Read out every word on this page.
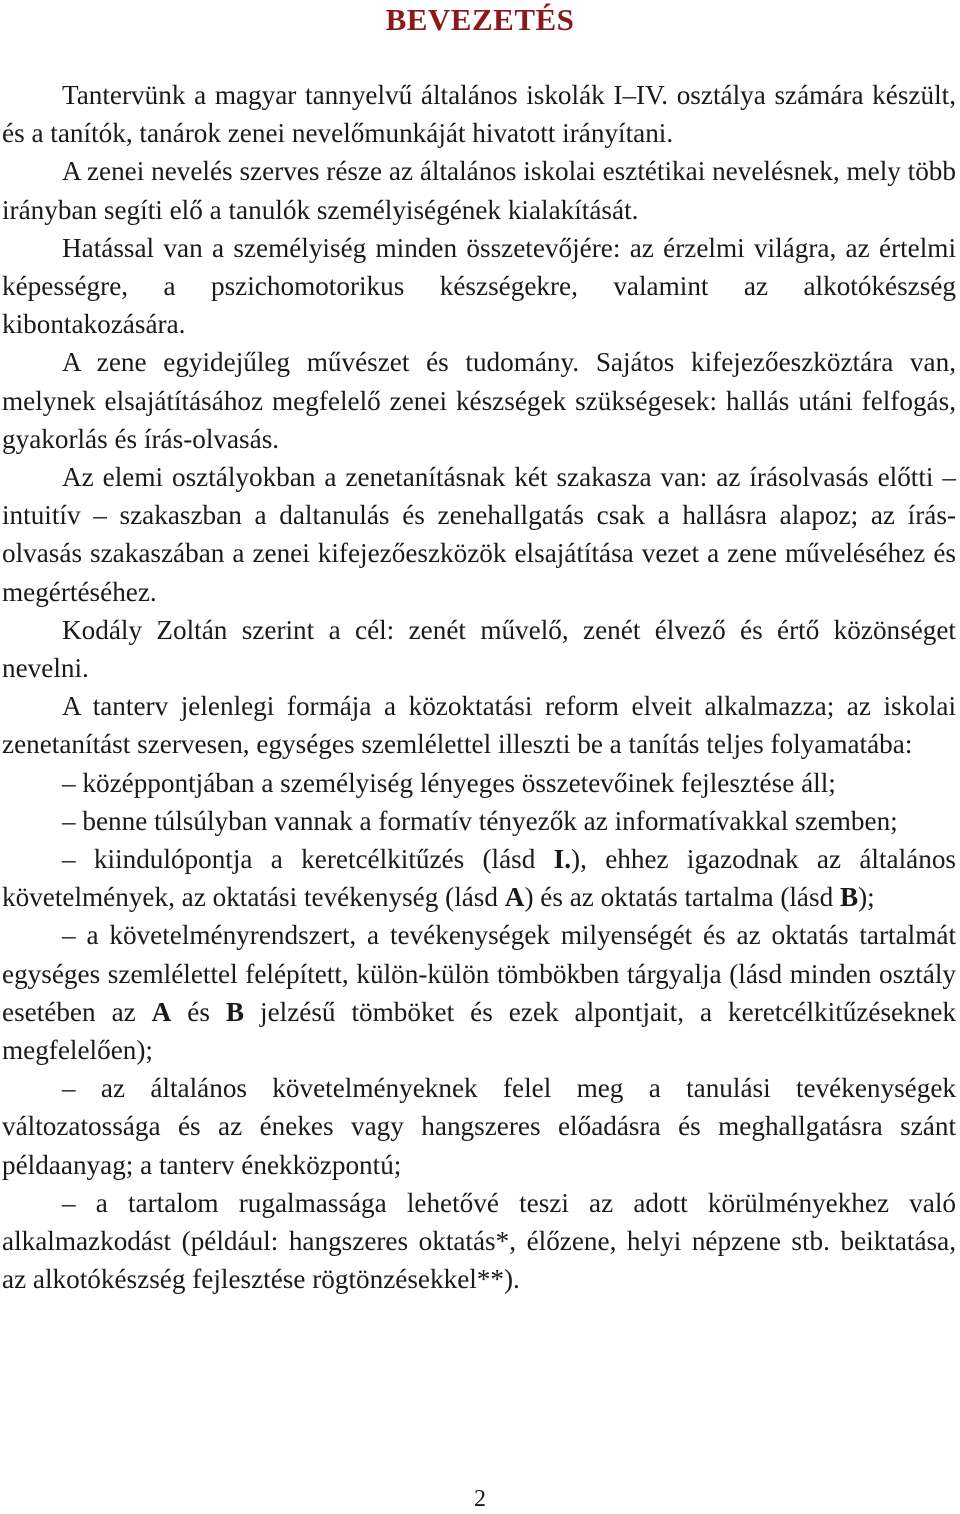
BEVEZETÉS

Tantervünk a magyar tannyelvű általános iskolák I–IV. osztálya számára készült, és a tanítók, tanárok zenei nevelőmunkáját hivatott irányítani.

A zenei nevelés szerves része az általános iskolai esztétikai nevelésnek, mely több irányban segíti elő a tanulók személyiségének kialakítását.

Hatással van a személyiség minden összetevőjére: az érzelmi világra, az értelmi képességre, a pszichomotorikus készségekre, valamint az alkotókészség kibontakozására.

A zene egyidejűleg művészet és tudomány. Sajátos kifejezőeszköztára van, melynek elsajátításához megfelelő zenei készségek szükségesek: hallás utáni felfogás, gyakorlás és írás-olvasás.

Az elemi osztályokban a zenetanításnak két szakasza van: az írásolvasás előtti – intuitív – szakaszban a daltanulás és zenehallgatás csak a hallásra alapoz; az írás-olvasás szakaszában a zenei kifejezőeszközök elsajátítása vezet a zene műveléséhez és megértéséhez.

Kodály Zoltán szerint a cél: zenét művelő, zenét élvező és értő közönséget nevelni.

A tanterv jelenlegi formája a közoktatási reform elveit alkalmazza; az iskolai zenetanítást szervesen, egységes szemlélettel illeszti be a tanítás teljes folyamatába:

– középpontjában a személyiség lényeges összetevőinek fejlesztése áll;

– benne túlsúlyban vannak a formatív tényezők az informatívakkal szemben;

– kiindulópontja a keretcélkitűzés (lásd I.), ehhez igazodnak az általános követelmények, az oktatási tevékenység (lásd A) és az oktatás tartalma (lásd B);

– a követelményrendszert, a tevékenységek milyenségét és az oktatás tartalmát egységes szemlélettel felépített, külön-külön tömbökben tárgyalja (lásd minden osztály esetében az A és B jelzésű tömböket és ezek alpontjait, a keretcélkitűzéseknek megfelelően);

– az általános követelményeknek felel meg a tanulási tevékenységek változatossága és az énekes vagy hangszeres előadásra és meghallgatásra szánt példaanyag; a tanterv énekközpontú;

– a tartalom rugalmassága lehetővé teszi az adott körülményekhez való alkalmazkodást (például: hangszeres oktatás*, élőzene, helyi népzene stb. beiktatása, az alkotókészség fejlesztése rögtönzésekkel**).

2
